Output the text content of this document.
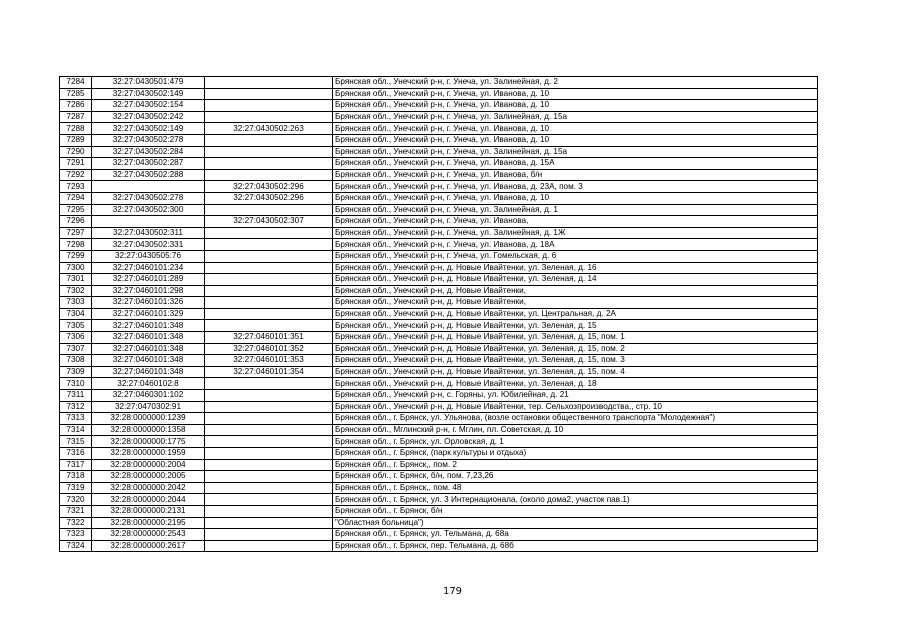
7284	32:27:0430501:479		Брянская обл., Унечский р-н, г. Унеча, ул. Залинейная, д. 2
7285	32:27:0430502:149		Брянская обл., Унечский р-н, г. Унеча, ул. Иванова, д. 10
7286	32:27:0430502:154		Брянская обл., Унечский р-н, г. Унеча, ул. Иванова, д. 10
7287	32:27:0430502:242		Брянская обл., Унечский р-н, г. Унеча, ул. Залинейная, д. 15а
7288	32:27:0430502:149	32:27:0430502:263	Брянская обл., Унечский р-н, г. Унеча, ул. Иванова, д. 10
7289	32:27:0430502:278		Брянская обл., Унечский р-н, г. Унеча, ул. Иванова, д. 10
7290	32:27:0430502:284		Брянская обл., Унечский р-н, г. Унеча, ул. Залинейная, д. 15а
7291	32:27:0430502:287		Брянская обл., Унечский р-н, г. Унеча, ул. Иванова, д. 15А
7292	32:27:0430502:288		Брянская обл., Унечский р-н, г. Унеча, ул. Иванова, б/н
7293		32:27:0430502:296	Брянская обл., Унечский р-н, г. Унеча, ул. Иванова, д. 23А, пом. 3
7294	32:27:0430502:278	32:27:0430502:296	Брянская обл., Унечский р-н, г. Унеча, ул. Иванова, д. 10
7295	32:27:0430502:300		Брянская обл., Унечский р-н, г. Унеча, ул. Залинейная, д. 1
7296		32:27:0430502:307	Брянская обл., Унечский р-н, г. Унеча, ул. Иванова,
7297	32:27:0430502:311		Брянская обл., Унечский р-н, г. Унеча, ул. Залинейная, д. 1Ж
7298	32:27:0430502:331		Брянская обл., Унечский р-н, г. Унеча, ул. Иванова, д. 18А
7299	32:27:0430505:76		Брянская обл., Унечский р-н, г. Унеча, ул. Гомельская, д. 6
7300	32:27:0460101:234		Брянская обл., Унечский р-н, д. Новые Ивайтенки, ул. Зеленая, д. 16
7301	32:27:0460101:289		Брянская обл., Унечский р-н, д. Новые Ивайтенки, ул. Зеленая, д. 14
7302	32:27:0460101:298		Брянская обл., Унечский р-н, д. Новые Ивайтенки,
7303	32:27:0460101:326		Брянская обл., Унечский р-н, д. Новые Ивайтенки,
7304	32:27:0460101:329		Брянская обл., Унечский р-н, д. Новые Ивайтенки, ул. Центральная, д. 2А
7305	32:27:0460101:348		Брянская обл., Унечский р-н, д. Новые Ивайтенки, ул. Зеленая, д. 15
7306	32:27:0460101:348	32:27:0460101:351	Брянская обл., Унечский р-н, д. Новые Ивайтенки, ул. Зеленая, д. 15, пом. 1
7307	32:27:0460101:348	32:27:0460101:352	Брянская обл., Унечский р-н, д. Новые Ивайтенки, ул. Зеленая, д. 15, пом. 2
7308	32:27:0460101:348	32:27:0460101:353	Брянская обл., Унечский р-н, д. Новые Ивайтенки, ул. Зеленая, д. 15, пом. 3
7309	32:27:0460101:348	32:27:0460101:354	Брянская обл., Унечский р-н, д. Новые Ивайтенки, ул. Зеленая, д. 15, пом. 4
7310	32:27:0460102:8		Брянская обл., Унечский р-н, д. Новые Ивайтенки, ул. Зеленая, д. 18
7311	32:27:0460301:102		Брянская обл., Унечский р-н, с. Горяны, ул. Юбилейная, д. 21
7312	32:27:0470302:91		Брянская обл., Унечский р-н, д. Новые Ивайтенки, тер. Сельхозпроизводства,, стр. 10
7313	32:28:0000000:1239		Брянская обл., г. Брянск, ул. Ульянова, (возле остановки общественного транспорта "Молодежная")
7314	32:28:0000000:1358		Брянская обл., Мглинский р-н, г. Мглин, пл. Советская, д. 10
7315	32:28:0000000:1775		Брянская обл., г. Брянск, ул. Орловская, д. 1
7316	32:28:0000000:1959		Брянская обл., г. Брянск, (парк культуры и отдыха)
7317	32:28:0000000:2004		Брянская обл., г. Брянск,, пом. 2
7318	32:28:0000000:2005		Брянская обл., г. Брянск, б/н, пом. 7,23,26
7319	32:28:0000000:2042		Брянская обл., г. Брянск,, пом. 48
7320	32:28:0000000:2044		Брянская обл., г. Брянск, ул. 3 Интернационала, (около дома2, участок пав.1)
7321	32:28:0000000:2131		Брянская обл., г. Брянск, б/н
7322	32:28:0000000:2195		"Областная больница")
7323	32:28:0000000:2543		Брянская обл., г. Брянск, ул. Тельмана, д. 68а
7324	32:28:0000000:2617		Брянская обл., г. Брянск, пер. Тельмана, д. 68б
179
